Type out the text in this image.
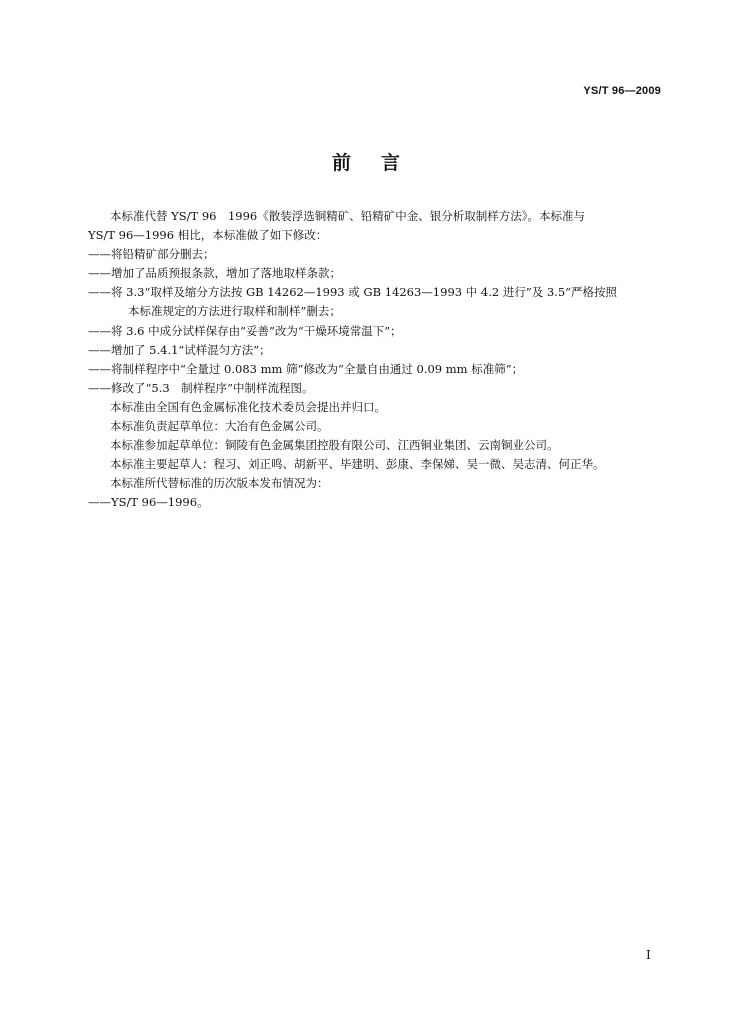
YS/T 96—2009
前言
本标准代替 YS/T 96　1996《散装浮选铜精矿、铅精矿中金、银分析取制样方法》。本标准与
YS/T 96—1996 相比，本标准做了如下修改：
——将铅精矿部分删去；
——增加了品质预报条款，增加了落地取样条款；
——将 3.3“取样及缩分方法按 GB 14262—1993 或 GB 14263—1993 中 4.2 进行”及 3.5“严格按照
本标准规定的方法进行取样和制样”删去；
——将 3.6 中成分试样保存由“妥善”改为“干燥环境常温下”；
——增加了 5.4.1“试样混匀方法”；
——将制样程序中“全量过 0.083 mm 筛”修改为“全量自由通过 0.09 mm 标准筛”；
——修改了“5.3　制样程序”中制样流程图。
本标准由全国有色金属标准化技术委员会提出并归口。
本标准负责起草单位：大冶有色金属公司。
本标准参加起草单位：铜陵有色金属集团控股有限公司、江西铜业集团、云南铜业公司。
本标准主要起草人：程习、刘正鸣、胡新平、毕建明、彭康、李保娣、吴一微、吴志清、何正华。
本标准所代替标准的历次版本发布情况为：
——YS/T 96—1996。
I
